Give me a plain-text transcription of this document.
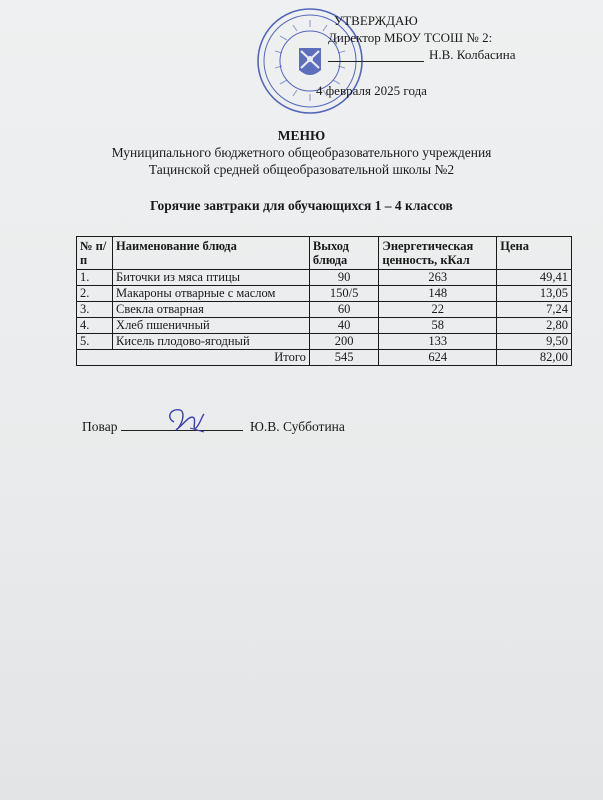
УТВЕРЖДАЮ
Директор МБОУ ТСОШ № 2:
Н.В. Колбасина
4 февраля 2025 года
МЕНЮ
Муниципального бюджетного общеобразовательного учреждения
Тацинской средней общеобразовательной школы №2
Горячие завтраки для обучающихся 1 – 4 классов
№ п/п	Наименование блюда	Выход блюда	Энергетическая ценность, кКал	Цена
1.	Биточки из мяса птицы	90	263	49,41
2.	Макароны отварные с маслом	150/5	148	13,05
3.	Свекла отварная	60	22	7,24
4.	Хлеб пшеничный	40	58	2,80
5.	Кисель плодово-ягодный	200	133	9,50
Итого		545	624	82,00
Повар	Ю.В. Субботина
